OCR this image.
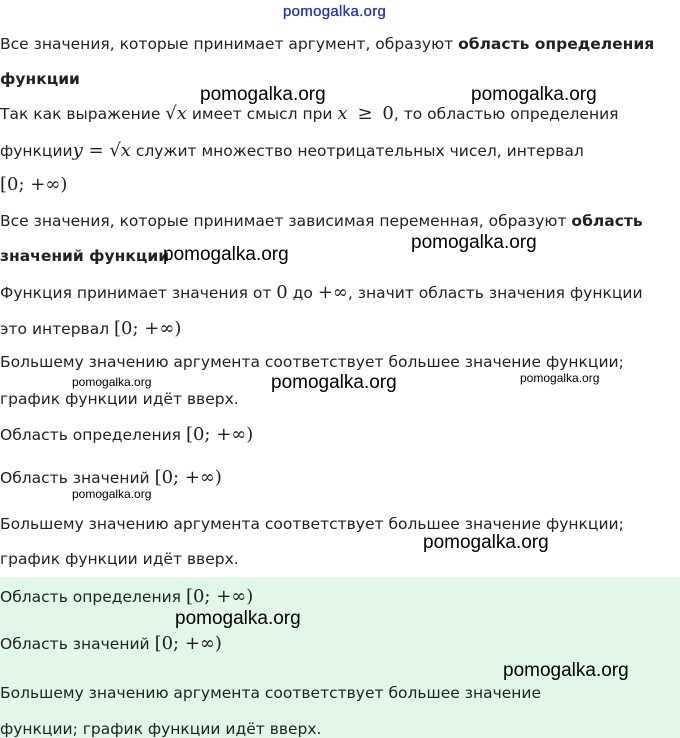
pomogalka.org
Все значения, которые принимает аргумент, образуют область определения
функции
Так как выражение √x имеет смысл при x ≥ 0, то областью определения
функцииy = √x служит множество неотрицательных чисел, интервал
[0; +∞)
Все значения, которые принимает зависимая переменная, образуют область
значений функции
Функция принимает значения от 0 до +∞, значит область значения функции
это интервал [0; +∞)
Большему значению аргумента соответствует большее значение функции;
график функции идёт вверх.
Область определения [0; +∞)
Область значений [0; +∞)
Большему значению аргумента соответствует большее значение функции;
график функции идёт вверх.
Область определения [0; +∞)
Область значений [0; +∞)
Большему значению аргумента соответствует большее значение
функции; график функции идёт вверх.
pomogalka.org	pomogalka.org
pomogalka.org
pomogalka.org
pomogalka.org	pomogalka.org	pomogalka.org
pomogalka.org
pomogalka.org
pomogalka.org
pomogalka.org
